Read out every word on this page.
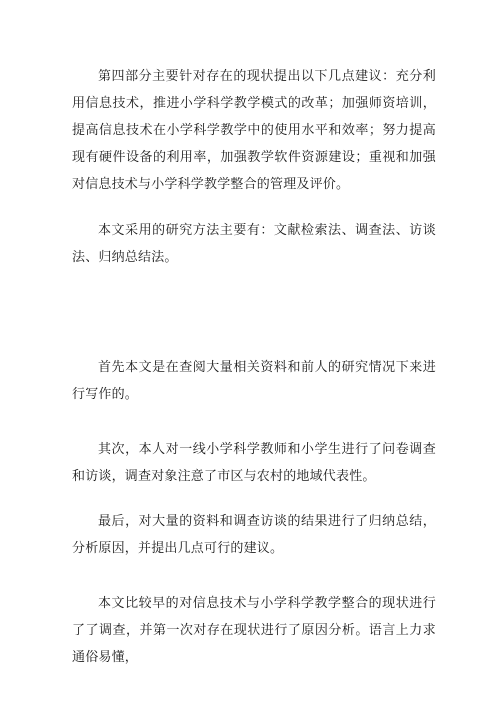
第四部分主要针对存在的现状提出以下几点建议：充分利用信息技术，推进小学科学教学模式的改革；加强师资培训，提高信息技术在小学科学教学中的使用水平和效率；努力提高现有硬件设备的利用率，加强教学软件资源建设；重视和加强对信息技术与小学科学教学整合的管理及评价。

本文采用的研究方法主要有：文献检索法、调查法、访谈法、归纳总结法。

首先本文是在查阅大量相关资料和前人的研究情况下来进行写作的。

其次，本人对一线小学科学教师和小学生进行了问卷调查和访谈，调查对象注意了市区与农村的地域代表性。

最后，对大量的资料和调查访谈的结果进行了归纳总结，分析原因，并提出几点可行的建议。

本文比较早的对信息技术与小学科学教学整合的现状进行了了调查，并第一次对存在现状进行了原因分析。语言上力求通俗易懂，
